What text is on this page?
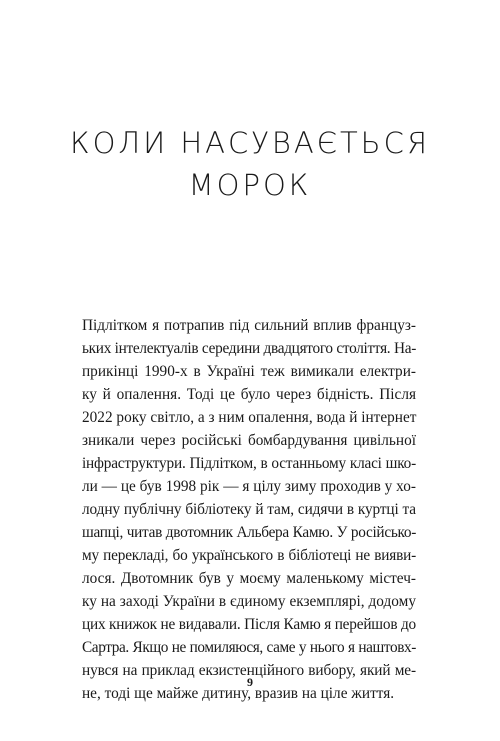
КОЛИ НАСУВАЄТЬСЯ
МОРОК
Підлітком я потрапив під сильний вплив француз-
ьких інтелектуалів середини двадцятого століття. На-
прикінці 1990-х в Україні теж вимикали електри-
ку й опалення. Тоді це було через бідність. Після
2022 року світло, а з ним опалення, вода й інтернет
зникали через російські бомбардування цивільної
інфраструктури. Підлітком, в останньому класі шко-
ли — це був 1998 рік — я цілу зиму проходив у хо-
лодну публічну бібліотеку й там, сидячи в куртці та
шапці, читав двотомник Альбера Камю. У російсько-
му перекладі, бо українського в бібліотеці не вияви-
лося. Двотомник був у моєму маленькому містеч-
ку на заході України в єдиному екземплярі, додому
цих книжок не видавали. Після Камю я перейшов до
Сартра. Якщо не помиляюся, саме у нього я наштовх-
нувся на приклад екзистенційного вибору, який ме-
не, тоді ще майже дитину, вразив на ціле життя.
9
